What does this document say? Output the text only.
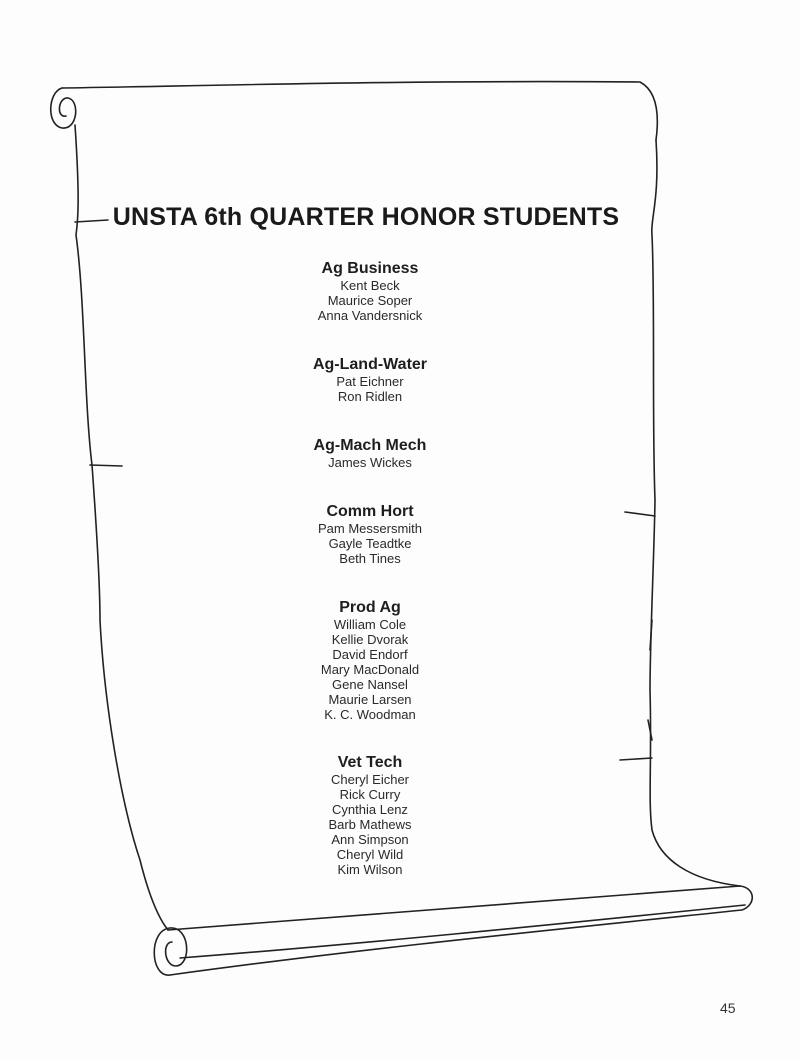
UNSTA 6th QUARTER HONOR STUDENTS
Ag Business
Kent Beck
Maurice Soper
Anna Vandersnick
Ag-Land-Water
Pat Eichner
Ron Ridlen
Ag-Mach Mech
James Wickes
Comm Hort
Pam Messersmith
Gayle Teadtke
Beth Tines
Prod Ag
William Cole
Kellie Dvorak
David Endorf
Mary MacDonald
Gene Nansel
Maurie Larsen
K. C. Woodman
Vet Tech
Cheryl Eicher
Rick Curry
Cynthia Lenz
Barb Mathews
Ann Simpson
Cheryl Wild
Kim Wilson
45
